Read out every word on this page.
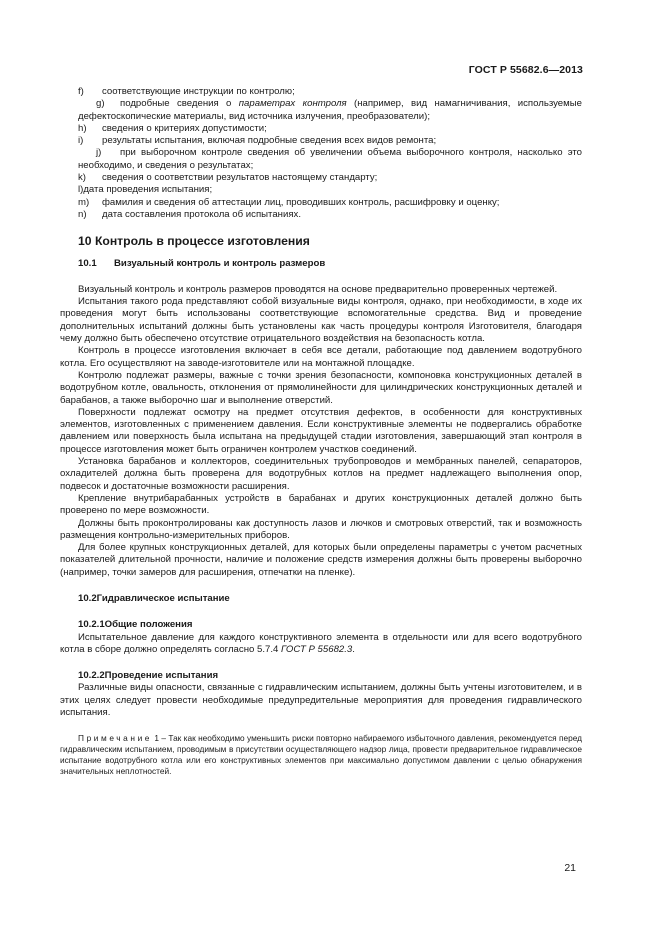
ГОСТ Р 55682.6—2013
f)	соответствующие инструкции по контролю;
g) подробные сведения о параметрах контроля (например, вид намагничивания, используемые дефектоскопические материалы, вид источника излучения, преобразователи);
h)	сведения о критериях допустимости;
i)	результаты испытания, включая подробные сведения всех видов ремонта;
j) при выборочном контроле сведения об увеличении объема выборочного контроля, насколько это необходимо, и сведения о результатах;
k)	сведения о соответствии результатов настоящему стандарту;
l) дата проведения испытания;
m)	фамилия и сведения об аттестации лиц, проводивших контроль, расшифровку и оценку;
n)	дата составления протокола об испытаниях.
10 Контроль в процессе изготовления
10.1 Визуальный контроль и контроль размеров
Визуальный контроль и контроль размеров проводятся на основе предварительно проверенных чертежей.
Испытания такого рода представляют собой визуальные виды контроля, однако, при необходимости, в ходе их проведения могут быть использованы соответствующие вспомогательные средства. Вид и проведение дополнительных испытаний должны быть установлены как часть процедуры контроля Изготовителя, благодаря чему должно быть обеспечено отсутствие отрицательного воздействия на безопасность котла.
Контроль в процессе изготовления включает в себя все детали, работающие под давлением водотрубного котла. Его осуществляют на заводе-изготовителе или на монтажной площадке.
Контролю подлежат размеры, важные с точки зрения безопасности, компоновка конструкционных деталей в водотрубном котле, овальность, отклонения от прямолинейности для цилиндрических конструкционных деталей и барабанов, а также выборочно шаг и выполнение отверстий.
Поверхности подлежат осмотру на предмет отсутствия дефектов, в особенности для конструктивных элементов, изготовленных с применением давления. Если конструктивные элементы не подвергались обработке давлением или поверхность была испытана на предыдущей стадии изготовления, завершающий этап контроля в процессе изготовления может быть ограничен контролем участков соединений.
Установка барабанов и коллекторов, соединительных трубопроводов и мембранных панелей, сепараторов, охладителей должна быть проверена для водотрубных котлов на предмет надлежащего выполнения опор, подвесок и достаточные возможности расширения.
Крепление внутрибарабанных устройств в барабанах и других конструкционных деталей должно быть проверено по мере возможности.
Должны быть проконтролированы как доступность лазов и лючков и смотровых отверстий, так и возможность размещения контрольно-измерительных приборов.
Для более крупных конструкционных деталей, для которых были определены параметры с учетом расчетных показателей длительной прочности, наличие и положение средств измерения должны быть проверены выборочно (например, точки замеров для расширения, отпечатки на пленке).
10.2Гидравлическое испытание
10.2.1Общие положения
Испытательное давление для каждого конструктивного элемента в отдельности или для всего водотрубного котла в сборе должно определять согласно 5.7.4 ГОСТ Р 55682.3.
10.2.2Проведение испытания
Различные виды опасности, связанные с гидравлическим испытанием, должны быть учтены изготовителем, и в этих целях следует провести необходимые предупредительные мероприятия для проведения гидравлического испытания.
Примечание 1 – Так как необходимо уменьшить риски повторно набираемого избыточного давления, рекомендуется перед гидравлическим испытанием, проводимым в присутствии осуществляющего надзор лица, провести предварительное гидравлическое испытание водотрубного котла или его конструктивных элементов при максимально допустимом давлении с целью обнаружения значительных неплотностей.
21
